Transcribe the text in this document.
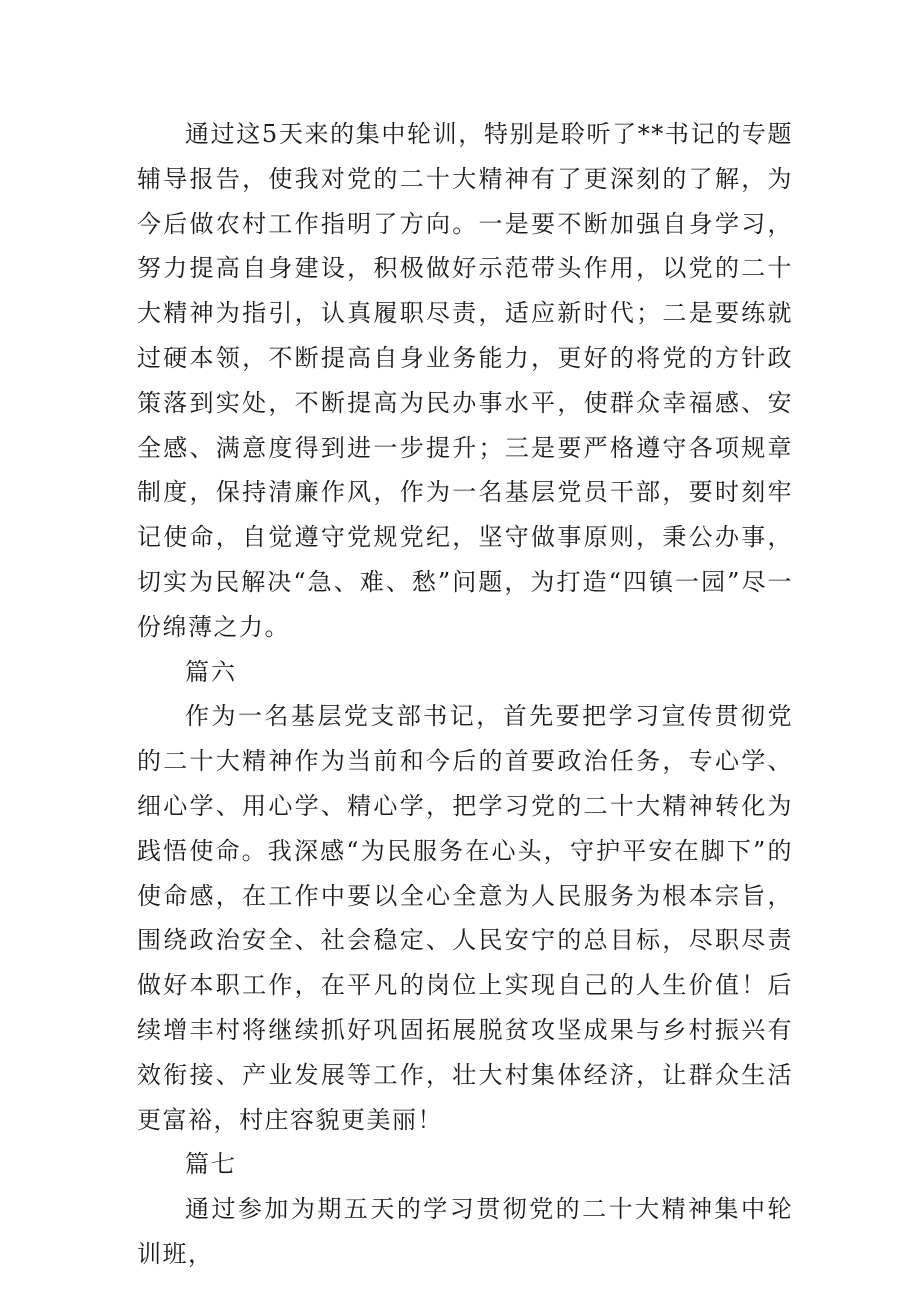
通过这5天来的集中轮训，特别是聆听了**书记的专题辅导报告，使我对党的二十大精神有了更深刻的了解，为今后做农村工作指明了方向。一是要不断加强自身学习，努力提高自身建设，积极做好示范带头作用，以党的二十大精神为指引，认真履职尽责，适应新时代；二是要练就过硬本领，不断提高自身业务能力，更好的将党的方针政策落到实处，不断提高为民办事水平，使群众幸福感、安全感、满意度得到进一步提升；三是要严格遵守各项规章制度，保持清廉作风，作为一名基层党员干部，要时刻牢记使命，自觉遵守党规党纪，坚守做事原则，秉公办事，切实为民解决“急、难、愁”问题，为打造“四镇一园”尽一份绵薄之力。

篇六

作为一名基层党支部书记，首先要把学习宣传贯彻党的二十大精神作为当前和今后的首要政治任务，专心学、细心学、用心学、精心学，把学习党的二十大精神转化为践悟使命。我深感“为民服务在心头，守护平安在脚下”的使命感，在工作中要以全心全意为人民服务为根本宗旨，围绕政治安全、社会稳定、人民安宁的总目标，尽职尽责做好本职工作，在平凡的岗位上实现自己的人生价值！后续增丰村将继续抓好巩固拓展脱贫攻坚成果与乡村振兴有效衔接、产业发展等工作，壮大村集体经济，让群众生活更富裕，村庄容貌更美丽！

篇七

通过参加为期五天的学习贯彻党的二十大精神集中轮训班，
